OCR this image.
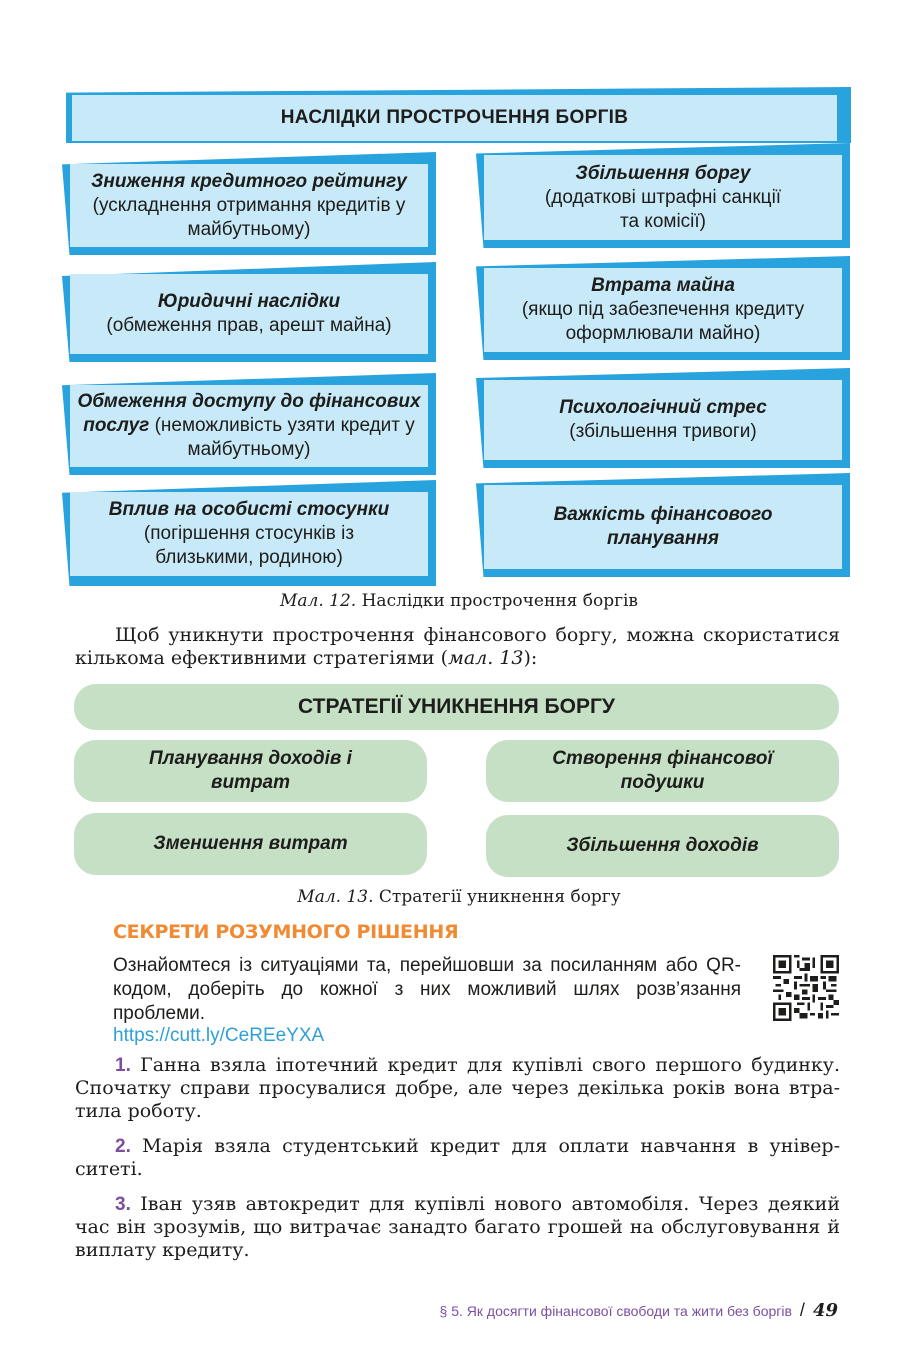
НАСЛІДКИ ПРОСТРОЧЕННЯ БОРГІВ
Зниження кредитного рейтингу
(ускладнення отримання кредитів у майбутньому)
Юридичні наслідки
(обмеження прав, арешт майна)
Обмеження доступу до фінансових послуг (неможливість узяти кредит у майбутньому)
Вплив на особисті стосунки
(погіршення стосунків із близькими, родиною)
Збільшення боргу
(додаткові штрафні санкції та комісії)
Втрата майна
(якщо під забезпечення кредиту оформлювали майно)
Психологічний стрес
(збільшення тривоги)
Важкість фінансового планування
Мал. 12. Наслідки прострочення боргів
Щоб уникнути прострочення фінансового боргу, можна скористатися кількома ефективними стратегіями (мал. 13):
СТРАТЕГІЇ УНИКНЕННЯ БОРГУ
Планування доходів і витрат
Створення фінансової подушки
Зменшення витрат	Збільшення доходів
Мал. 13. Стратегії уникнення боргу
СЕКРЕТИ РОЗУМНОГО РІШЕННЯ
Ознайомтеся із ситуаціями та, перейшовши за посиланням або QR-кодом, доберіть до кожної з них можливий шлях розв’язання проблеми.
https://cutt.ly/CeREeYXA
1. Ганна взяла іпотечний кредит для купівлі свого першого будинку. Спочатку справи просувалися добре, але через декілька років вона втратила роботу.
2. Марія взяла студентський кредит для оплати навчання в університеті.
3. Іван узяв автокредит для купівлі нового автомобіля. Через деякий час він зрозумів, що витрачає занадто багато грошей на обслуговування й виплату кредиту.
§ 5. Як досягти фінансової свободи та жити без боргів / 49
